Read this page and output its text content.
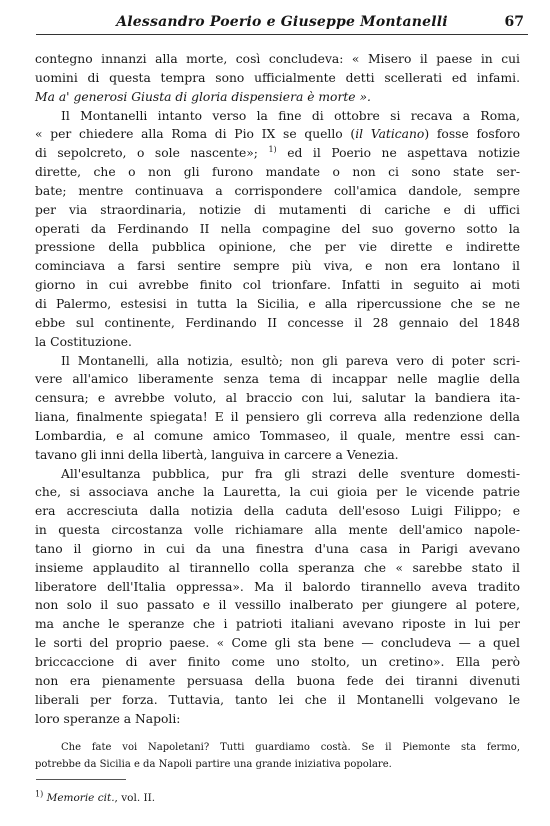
Alessandro Poerio e Giuseppe Montanelli	67
contegno innanzi alla morte, così concludeva: « Misero il paese in cui
uomini di questa tempra sono ufficialmente detti scellerati ed infami.
Ma a' generosi Giusta di gloria dispensiera è morte ».
Il Montanelli intanto verso la fine di ottobre si recava a Roma,
« per chiedere alla Roma di Pio IX se quello (il Vaticano) fosse fosforo
di sepolcreto, o sole nascente»; $^{1)}$ ed il Poerio ne aspettava notizie
dirette, che o non gli furono mandate o non ci sono state ser-
bate; mentre continuava a corrispondere coll'amica dandole, sempre
per via straordinaria, notizie di mutamenti di cariche e di uffici
operati da Ferdinando II nella compagine del suo governo sotto la
pressione della pubblica opinione, che per vie dirette e indirette
cominciava a farsi sentire sempre più viva, e non era lontano il
giorno in cui avrebbe finito col trionfare. Infatti in seguito ai moti
di Palermo, estesisi in tutta la Sicilia, e alla ripercussione che se ne
ebbe sul continente, Ferdinando II concesse il 28 gennaio del 1848
la Costituzione.
Il Montanelli, alla notizia, esultò; non gli pareva vero di poter scri-
vere all'amico liberamente senza tema di incappar nelle maglie della
censura; e avrebbe voluto, al braccio con lui, salutar la bandiera ita-
liana, finalmente spiegata! E il pensiero gli correva alla redenzione della
Lombardia, e al comune amico Tommaseo, il quale, mentre essi can-
tavano gli inni della libertà, languiva in carcere a Venezia.
All'esultanza pubblica, pur fra gli strazi delle sventure domesti-
che, si associava anche la Lauretta, la cui gioia per le vicende patrie
era accresciuta dalla notizia della caduta dell'esoso Luigi Filippo; e
in questa circostanza volle richiamare alla mente dell'amico napole-
tano il giorno in cui da una finestra d'una casa in Parigi avevano
insieme applaudito al tirannello colla speranza che « sarebbe stato il
liberatore dell'Italia oppressa». Ma il balordo tirannello aveva tradito
non solo il suo passato e il vessillo inalberato per giungere al potere,
ma anche le speranze che i patrioti italiani avevano riposte in lui per
le sorti del proprio paese. « Come gli sta bene — concludeva — a quel
briccaccione di aver finito come uno stolto, un cretino». Ella però
non era pienamente persuasa della buona fede dei tiranni divenuti
liberali per forza. Tuttavia, tanto lei che il Montanelli volgevano le
loro speranze a Napoli:
Che fate voi Napoletani? Tutti guardiamo costà. Se il Piemonte sta fermo,
potrebbe da Sicilia e da Napoli partire una grande iniziativa popolare.
$^{1)}$ Memorie cit., vol. II.
